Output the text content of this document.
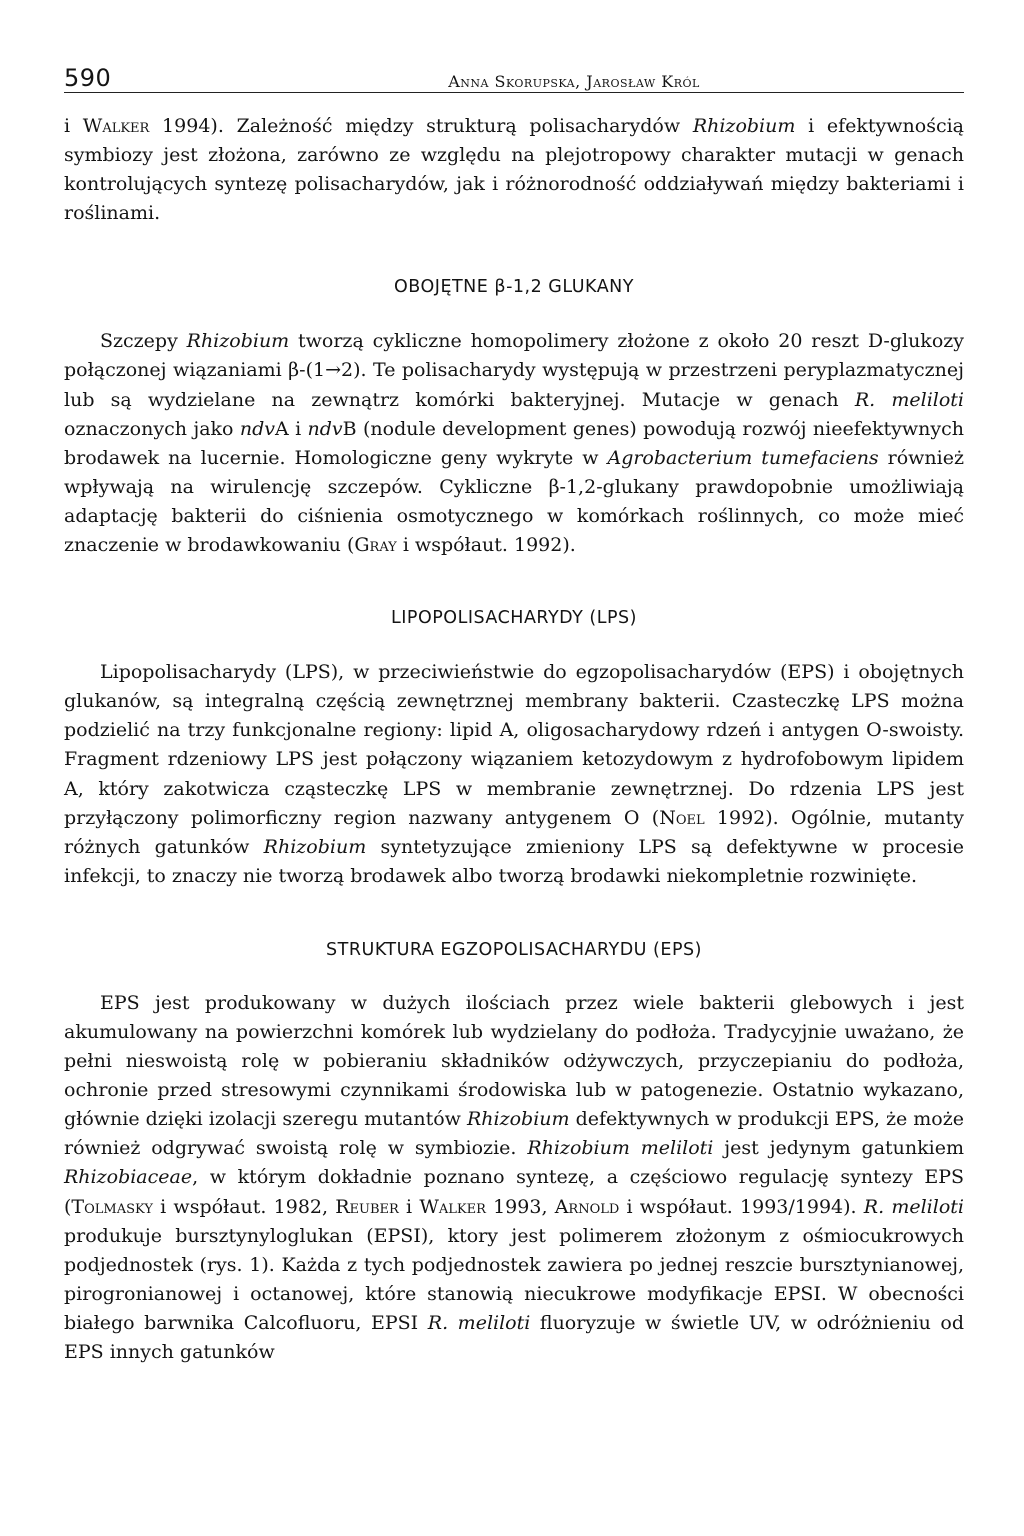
590	Anna Skorupska, Jarosław Król

i Walker 1994). Zależność między strukturą polisacharydów Rhizobium i efektywnością symbiozy jest złożona, zarówno ze względu na plejotropowy charakter mutacji w genach kontrolujących syntezę polisacharydów, jak i różnorodność oddziaływań między bakteriami i roślinami.

OBOJĘTNE β-1,2 GLUKANY

Szczepy Rhizobium tworzą cykliczne homopolimery złożone z około 20 reszt D-glukozy połączonej wiązaniami β-(1→2). Te polisacharydy występują w przestrzeni peryplazmatycznej lub są wydzielane na zewnątrz komórki bakteryjnej. Mutacje w genach R. meliloti oznaczonych jako ndvA i ndvB (nodule development genes) powodują rozwój nieefektywnych brodawek na lucernie. Homologiczne geny wykryte w Agrobacterium tumefaciens również wpływają na wirulencję szczepów. Cykliczne β-1,2-glukany prawdopobnie umożliwiają adaptację bakterii do ciśnienia osmotycznego w komórkach roślinnych, co może mieć znaczenie w brodawkowaniu (Gray i współaut. 1992).

LIPOPOLISACHARYDY (LPS)

Lipopolisacharydy (LPS), w przeciwieństwie do egzopolisacharydów (EPS) i obojętnych glukanów, są integralną częścią zewnętrznej membrany bakterii. Czasteczkę LPS można podzielić na trzy funkcjonalne regiony: lipid A, oligosacharydowy rdzeń i antygen O-swoisty. Fragment rdzeniowy LPS jest połączony wiązaniem ketozydowym z hydrofobowym lipidem A, który zakotwicza cząsteczkę LPS w membranie zewnętrznej. Do rdzenia LPS jest przyłączony polimorficzny region nazwany antygenem O (Noel 1992). Ogólnie, mutanty różnych gatunków Rhizobium syntetyzujące zmieniony LPS są defektywne w procesie infekcji, to znaczy nie tworzą brodawek albo tworzą brodawki niekompletnie rozwinięte.

STRUKTURA EGZOPOLISACHARYDU (EPS)

EPS jest produkowany w dużych ilościach przez wiele bakterii glebowych i jest akumulowany na powierzchni komórek lub wydzielany do podłoża. Tradycyjnie uważano, że pełni nieswoistą rolę w pobieraniu składników odżywczych, przyczepianiu do podłoża, ochronie przed stresowymi czynnikami środowiska lub w patogenezie. Ostatnio wykazano, głównie dzięki izolacji szeregu mutantów Rhizobium defektywnych w produkcji EPS, że może również odgrywać swoistą rolę w symbiozie. Rhizobium meliloti jest jedynym gatunkiem Rhizobiaceae, w którym dokładnie poznano syntezę, a częściowo regulację syntezy EPS (Tolmasky i współaut. 1982, Reuber i Walker 1993, Arnold i współaut. 1993/1994). R. meliloti produkuje bursztynyloglukan (EPSI), ktory jest polimerem złożonym z ośmiocukrowych podjednostek (rys. 1). Każda z tych podjednostek zawiera po jednej reszcie bursztynianowej, pirogronianowej i octanowej, które stanowią niecukrowe modyfikacje EPSI. W obecności białego barwnika Calcofluoru, EPSI R. meliloti fluoryzuje w świetle UV, w odróżnieniu od EPS innych gatunków
